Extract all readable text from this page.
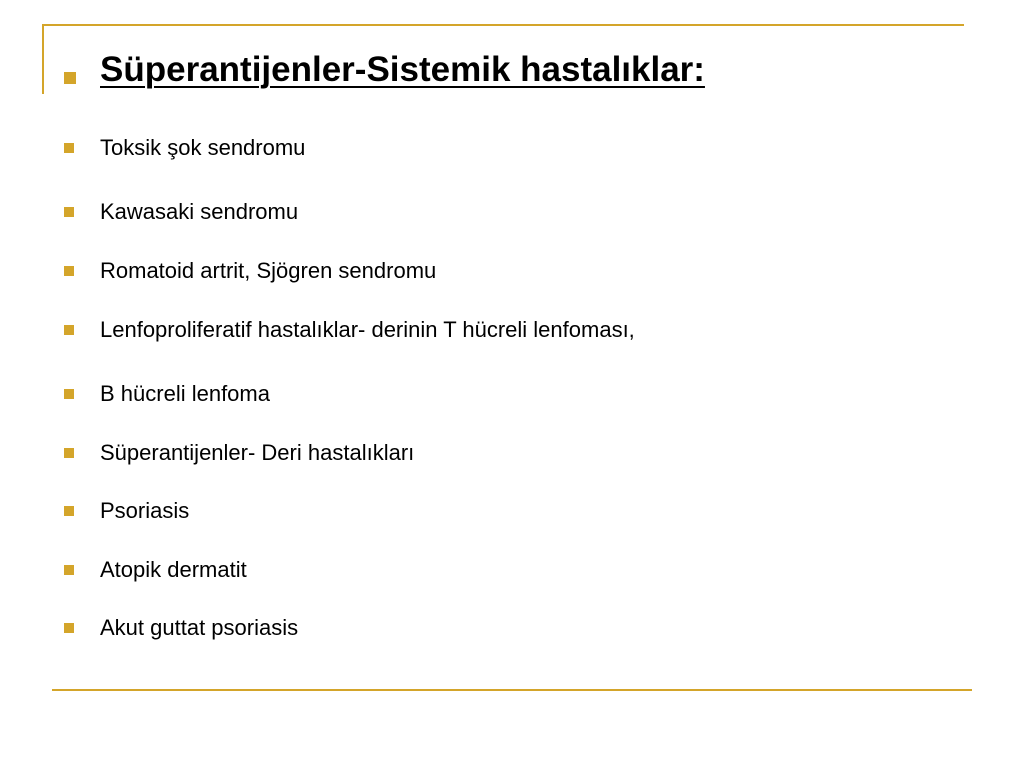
Süperantijenler-Sistemik hastalıklar:
Toksik şok sendromu
Kawasaki sendromu
Romatoid artrit, Sjögren sendromu
Lenfoproliferatif hastalıklar- derinin T hücreli lenfoması,
B hücreli lenfoma
Süperantijenler- Deri hastalıkları
Psoriasis
Atopik dermatit
Akut guttat psoriasis
